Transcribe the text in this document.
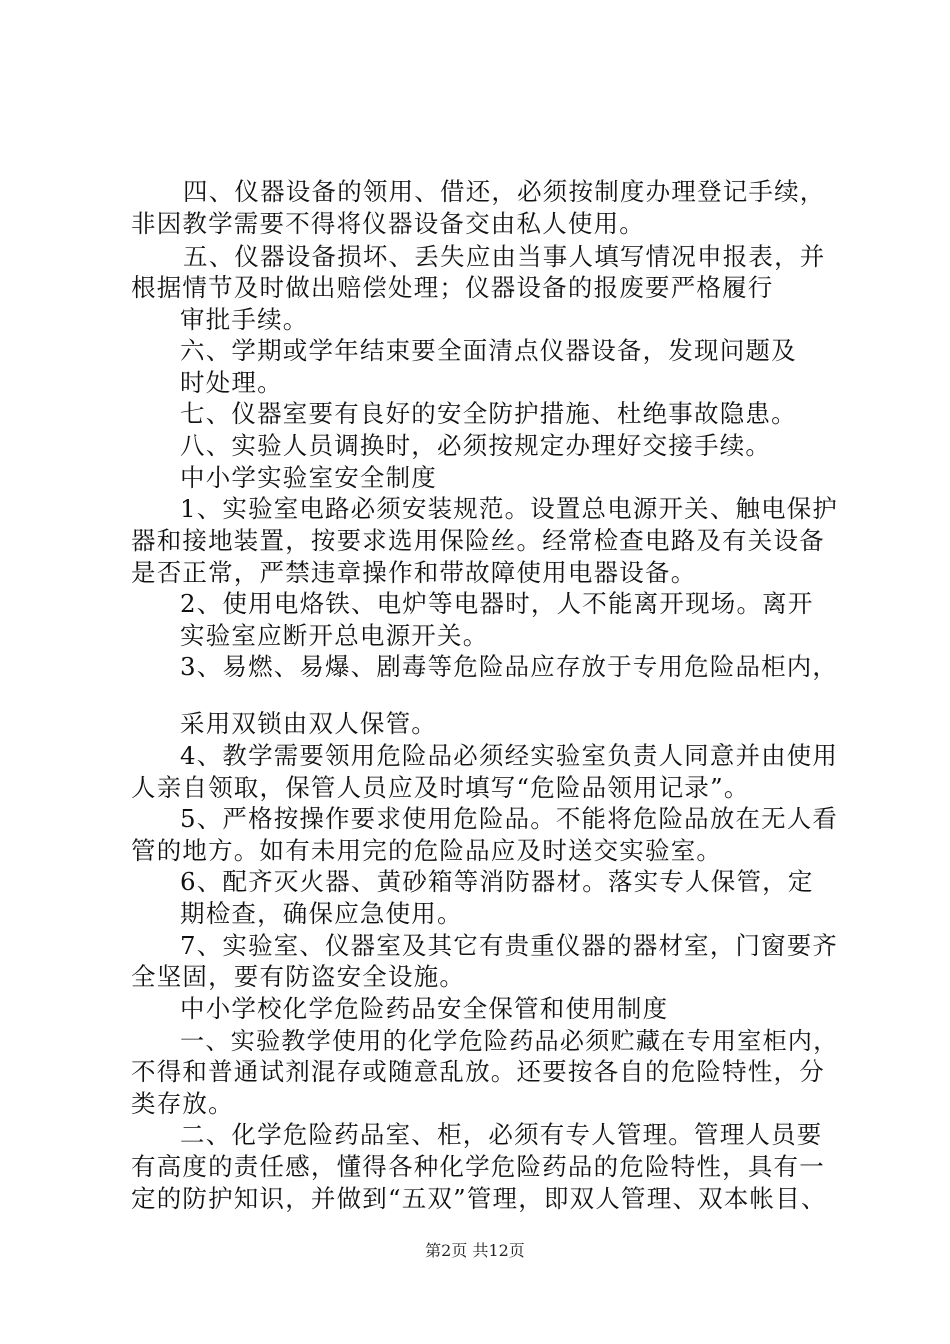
四、仪器设备的领用、借还，必须按制度办理登记手续，
非因教学需要不得将仪器设备交由私人使用。
五、仪器设备损坏、丢失应由当事人填写情况申报表，并
根据情节及时做出赔偿处理；仪器设备的报废要严格履行
审批手续。
六、学期或学年结束要全面清点仪器设备，发现问题及
时处理。
七、仪器室要有良好的安全防护措施、杜绝事故隐患。
八、实验人员调换时，必须按规定办理好交接手续。
中小学实验室安全制度
1、实验室电路必须安装规范。设置总电源开关、触电保护
器和接地装置，按要求选用保险丝。经常检查电路及有关设备
是否正常，严禁违章操作和带故障使用电器设备。
2、使用电烙铁、电炉等电器时，人不能离开现场。离开
实验室应断开总电源开关。
3、易燃、易爆、剧毒等危险品应存放于专用危险品柜内，
采用双锁由双人保管。
4、教学需要领用危险品必须经实验室负责人同意并由使用
人亲自领取，保管人员应及时填写“危险品领用记录”。
5、严格按操作要求使用危险品。不能将危险品放在无人看
管的地方。如有未用完的危险品应及时送交实验室。
6、配齐灭火器、黄砂箱等消防器材。落实专人保管，定
期检查，确保应急使用。
7、实验室、仪器室及其它有贵重仪器的器材室，门窗要齐
全坚固，要有防盗安全设施。
中小学校化学危险药品安全保管和使用制度
一、实验教学使用的化学危险药品必须贮藏在专用室柜内，
不得和普通试剂混存或随意乱放。还要按各自的危险特性，分
类存放。
二、化学危险药品室、柜，必须有专人管理。管理人员要
有高度的责任感，懂得各种化学危险药品的危险特性，具有一
定的防护知识，并做到“五双”管理，即双人管理、双本帐目、
第2页 共12页
